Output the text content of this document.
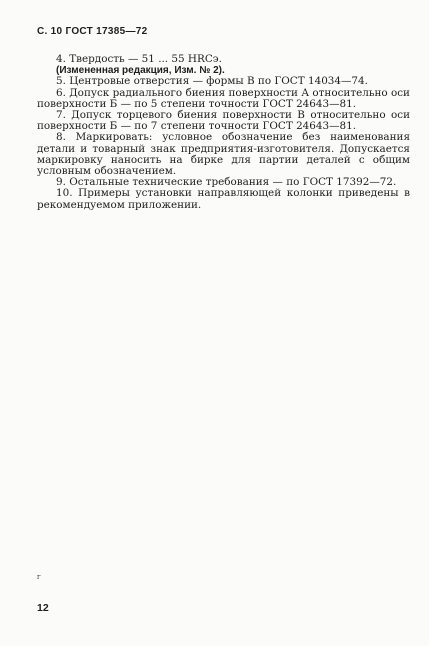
С. 10 ГОСТ 17385—72

4. Твердость — 51 ... 55 HRCэ.

(Измененная редакция, Изм. № 2).

5. Центровые отверстия — формы В по ГОСТ 14034—74.

6. Допуск радиального биения поверхности А относительно оси поверхности Б — по 5 степени точности ГОСТ 24643—81.

7. Допуск торцевого биения поверхности В относительно оси поверхности Б — по 7 степени точности ГОСТ 24643—81.

8. Маркировать: условное обозначение без наименования детали и товарный знак предприятия-изготовителя. Допускается маркировку наносить на бирке для партии деталей с общим условным обозначением.

9. Остальные технические требования — по ГОСТ 17392—72.

10. Примеры установки направляющей колонки приведены в рекомендуемом приложении.

г
12
